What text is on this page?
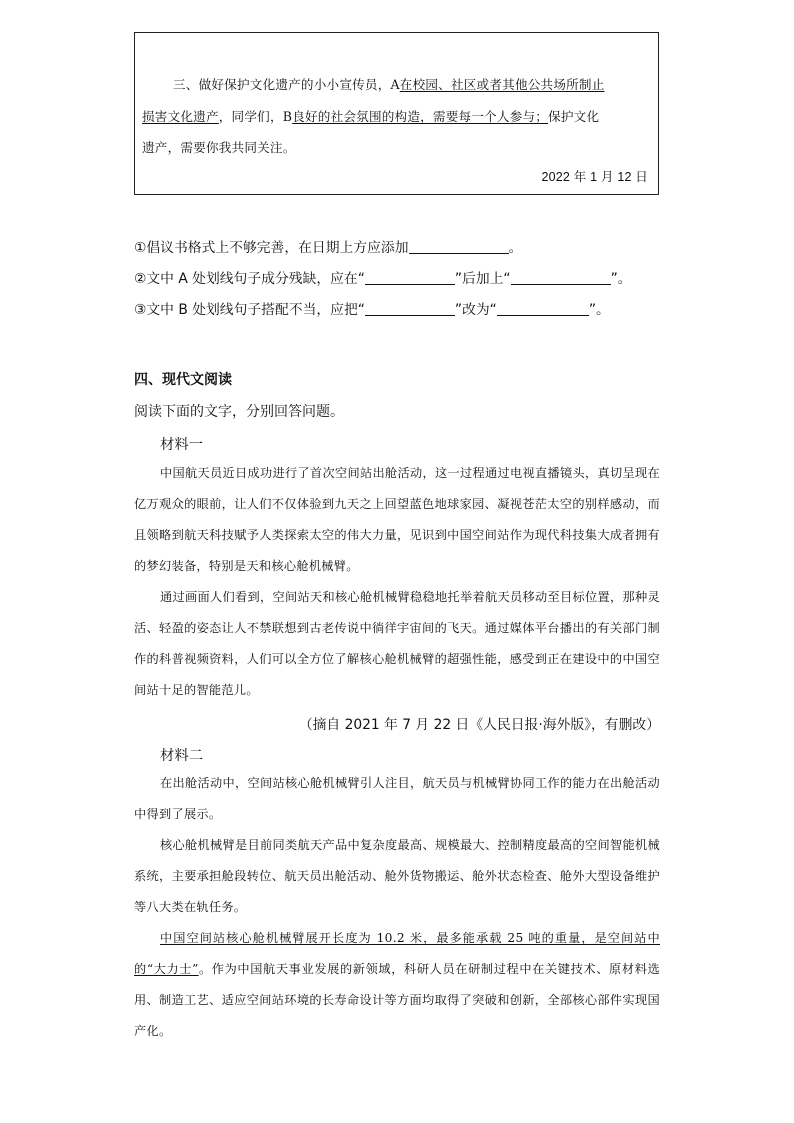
三、做好保护文化遗产的小小宣传员，A在校园、社区或者其他公共场所制止

损害文化遗产，同学们，B良好的社会氛围的构造，需要每一个人参与；保护文化

遗产，需要你我共同关注。

2022 年 1 月 12 日

①倡议书格式上不够完善，在日期上方应添加	。

②文中 A 处划线句子成分残缺，应在“	”后加上“	”。

③文中 B 处划线句子搭配不当，应把“	”改为“	”。

四、现代文阅读

阅读下面的文字，分别回答问题。

材料一

中国航天员近日成功进行了首次空间站出舱活动，这一过程通过电视直播镜头，真切呈现在亿万观众的眼前，让人们不仅体验到九天之上回望蓝色地球家园、凝视苍茫太空的别样感动，而且领略到航天科技赋予人类探索太空的伟大力量，见识到中国空间站作为现代科技集大成者拥有的梦幻装备，特别是天和核心舱机械臂。

通过画面人们看到，空间站天和核心舱机械臂稳稳地托举着航天员移动至目标位置，那种灵活、轻盈的姿态让人不禁联想到古老传说中徜徉宇宙间的飞天。通过媒体平台播出的有关部门制作的科普视频资料，人们可以全方位了解核心舱机械臂的超强性能，感受到正在建设中的中国空间站十足的智能范儿。

（摘自 2021 年 7 月 22 日《人民日报·海外版》，有删改）

材料二

在出舱活动中，空间站核心舱机械臂引人注目，航天员与机械臂协同工作的能力在出舱活动中得到了展示。

核心舱机械臂是目前同类航天产品中复杂度最高、规模最大、控制精度最高的空间智能机械系统，主要承担舱段转位、航天员出舱活动、舱外货物搬运、舱外状态检查、舱外大型设备维护等八大类在轨任务。

中国空间站核心舱机械臂展开长度为 10.2 米，最多能承载 25 吨的重量，是空间站中的“大力士”。作为中国航天事业发展的新领域，科研人员在研制过程中在关键技术、原材料选用、制造工艺、适应空间站环境的长寿命设计等方面均取得了突破和创新，全部核心部件实现国产化。
